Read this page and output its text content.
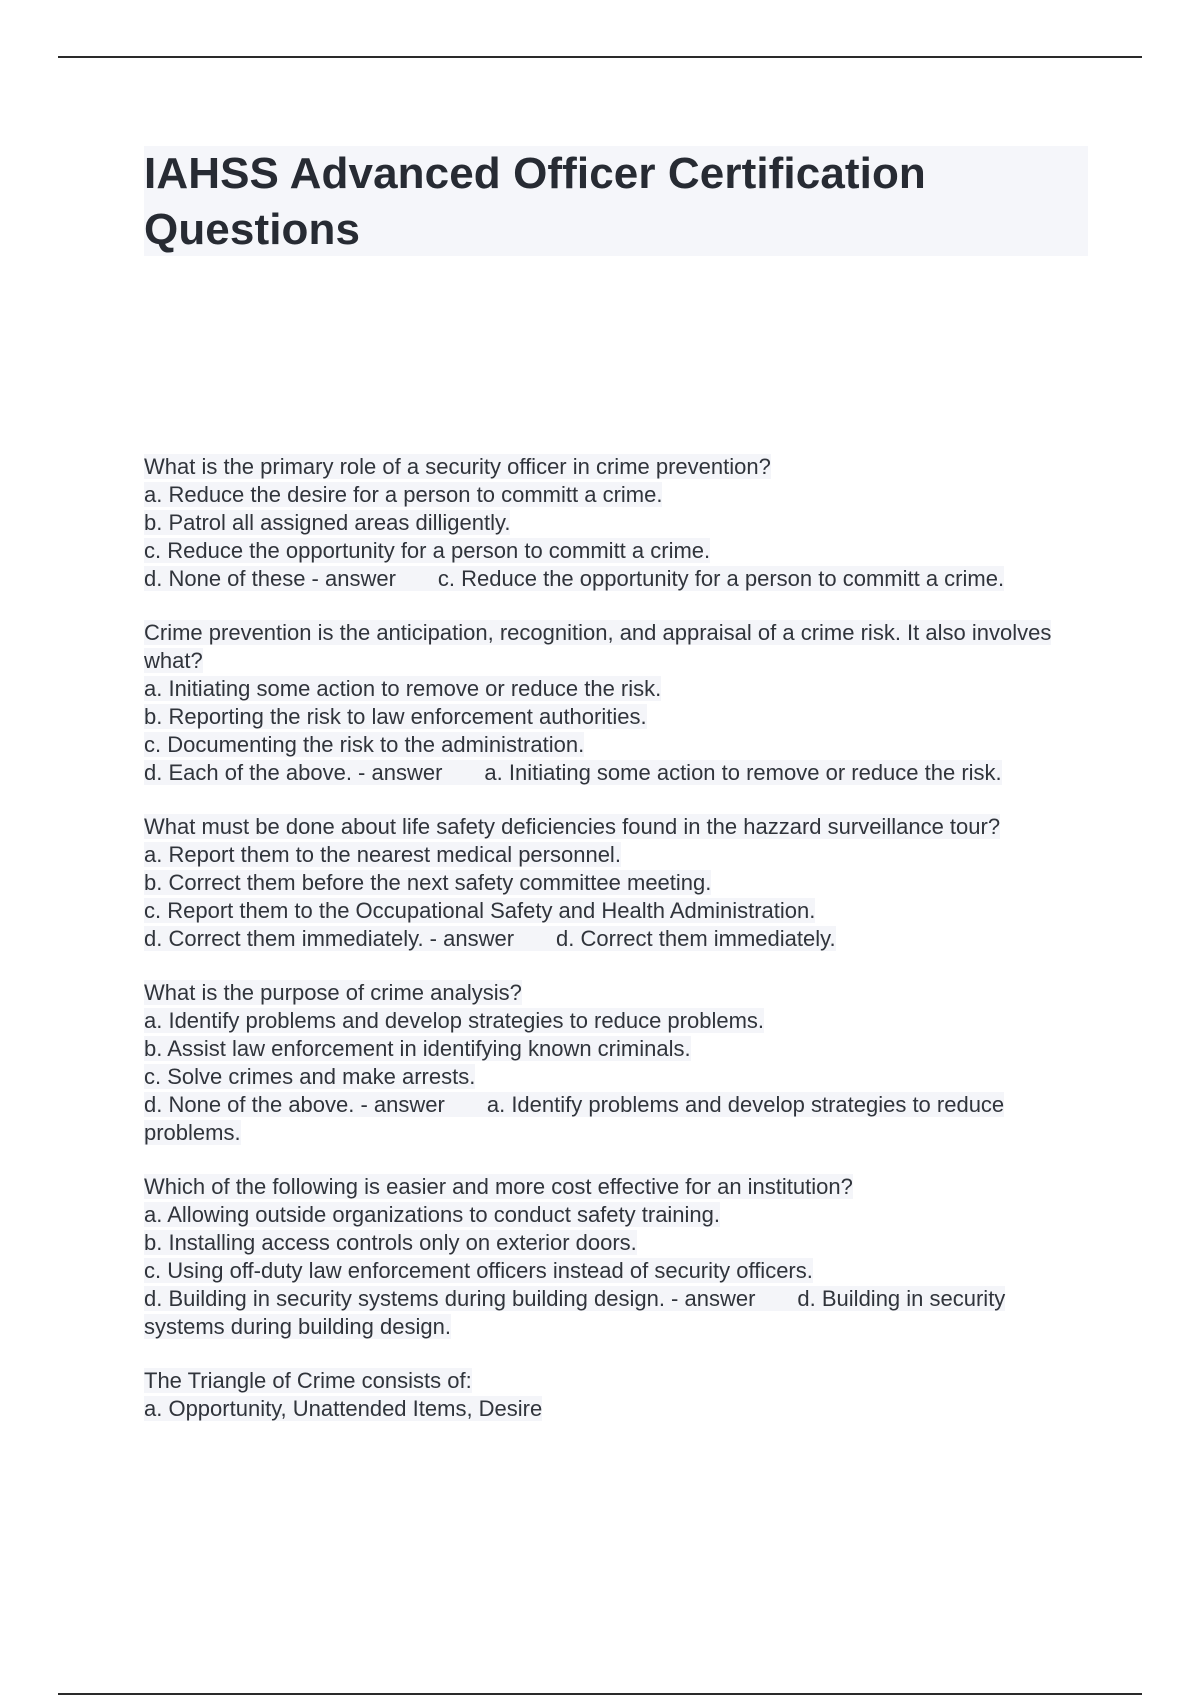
IAHSS Advanced Officer Certification Questions
What is the primary role of a security officer in crime prevention?
a. Reduce the desire for a person to committ a crime.
b. Patrol all assigned areas dilligently.
c. Reduce the opportunity for a person to committ a crime.
d. None of these - answer c. Reduce the opportunity for a person to committ a crime.
Crime prevention is the anticipation, recognition, and appraisal of a crime risk. It also involves what?
a. Initiating some action to remove or reduce the risk.
b. Reporting the risk to law enforcement authorities.
c. Documenting the risk to the administration.
d. Each of the above. - answer a. Initiating some action to remove or reduce the risk.
What must be done about life safety deficiencies found in the hazzard surveillance tour?
a. Report them to the nearest medical personnel.
b. Correct them before the next safety committee meeting.
c. Report them to the Occupational Safety and Health Administration.
d. Correct them immediately. - answer d. Correct them immediately.
What is the purpose of crime analysis?
a. Identify problems and develop strategies to reduce problems.
b. Assist law enforcement in identifying known criminals.
c. Solve crimes and make arrests.
d. None of the above. - answer a. Identify problems and develop strategies to reduce problems.
Which of the following is easier and more cost effective for an institution?
a. Allowing outside organizations to conduct safety training.
b. Installing access controls only on exterior doors.
c. Using off-duty law enforcement officers instead of security officers.
d. Building in security systems during building design. - answer d. Building in security systems during building design.
The Triangle of Crime consists of:
a. Opportunity, Unattended Items, Desire
